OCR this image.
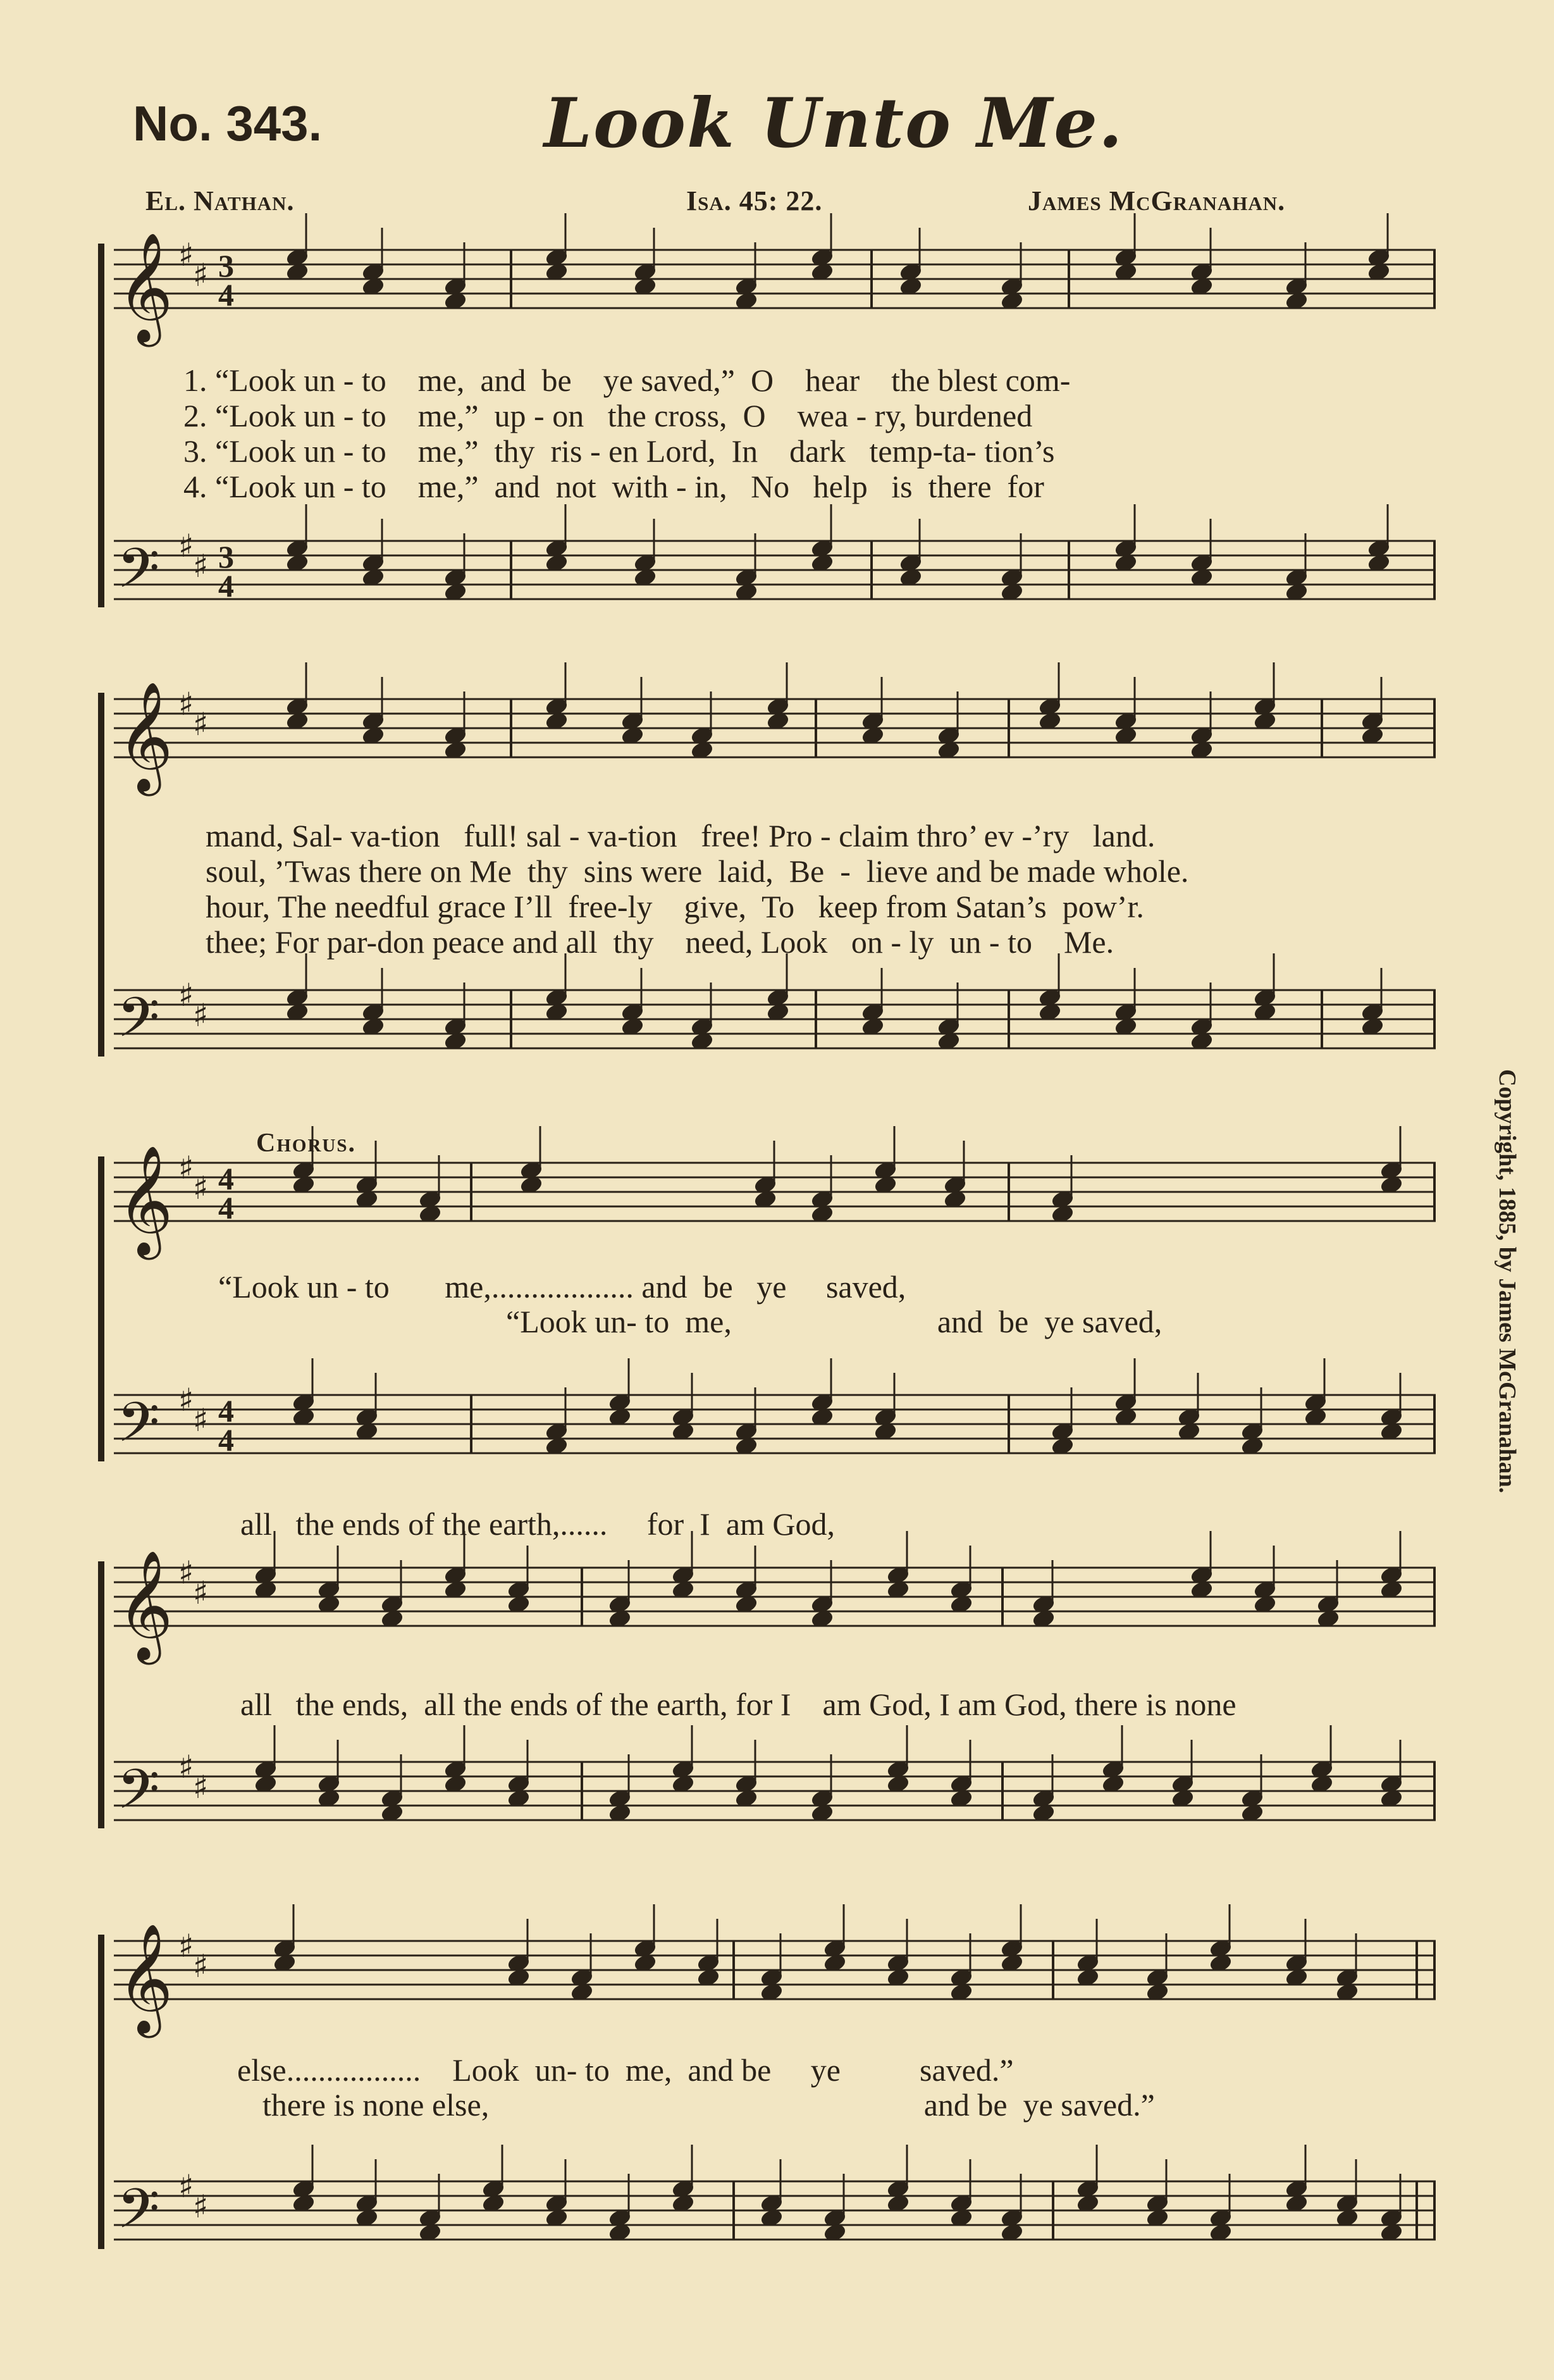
No. 343.	Look Unto Me.
El. Nathan.	Isa. 45: 22.	James McGranahan.
𝄞
𝄢
𝄞
𝄢
𝄞
𝄢
𝄞
𝄢
𝄞
𝄢
♯
♯
♯
♯
♯
♯
♯
♯
♯
♯
♯
♯
♯
♯
♯
♯
♯
♯
♯
♯
3
4
3
4
4
4
4
4
1. “Look un - to    me,  and  be    ye saved,”  O    hear    the blest com-
2. “Look un - to    me,”  up - on   the cross,  O    wea - ry, burdened
3. “Look un - to    me,”  thy  ris - en Lord,  In    dark   temp-ta- tion’s
4. “Look un - to    me,”  and  not  with - in,   No   help   is  there  for
mand, Sal- va-tion   full! sal - va-tion   free! Pro - claim thro’ ev -’ry   land.
soul, ’Twas there on Me  thy  sins were  laid,  Be  -  lieve and be made whole.
hour, The needful grace I’ll  free-ly    give,  To   keep from Satan’s  pow’r.
thee; For par-don peace and all  thy    need, Look   on - ly  un - to    Me.
Chorus.
“Look un - to       me,.................. and  be   ye     saved,
“Look un- to  me,                          and  be  ye saved,
all   the ends of the earth,......     for  I  am God,
all   the ends,  all the ends of the earth, for I    am God, I am God, there is none
else.................    Look  un- to  me,  and be     ye          saved.”
there is none else,                                                       and be  ye saved.”
Copyright, 1885, by James McGranahan.
